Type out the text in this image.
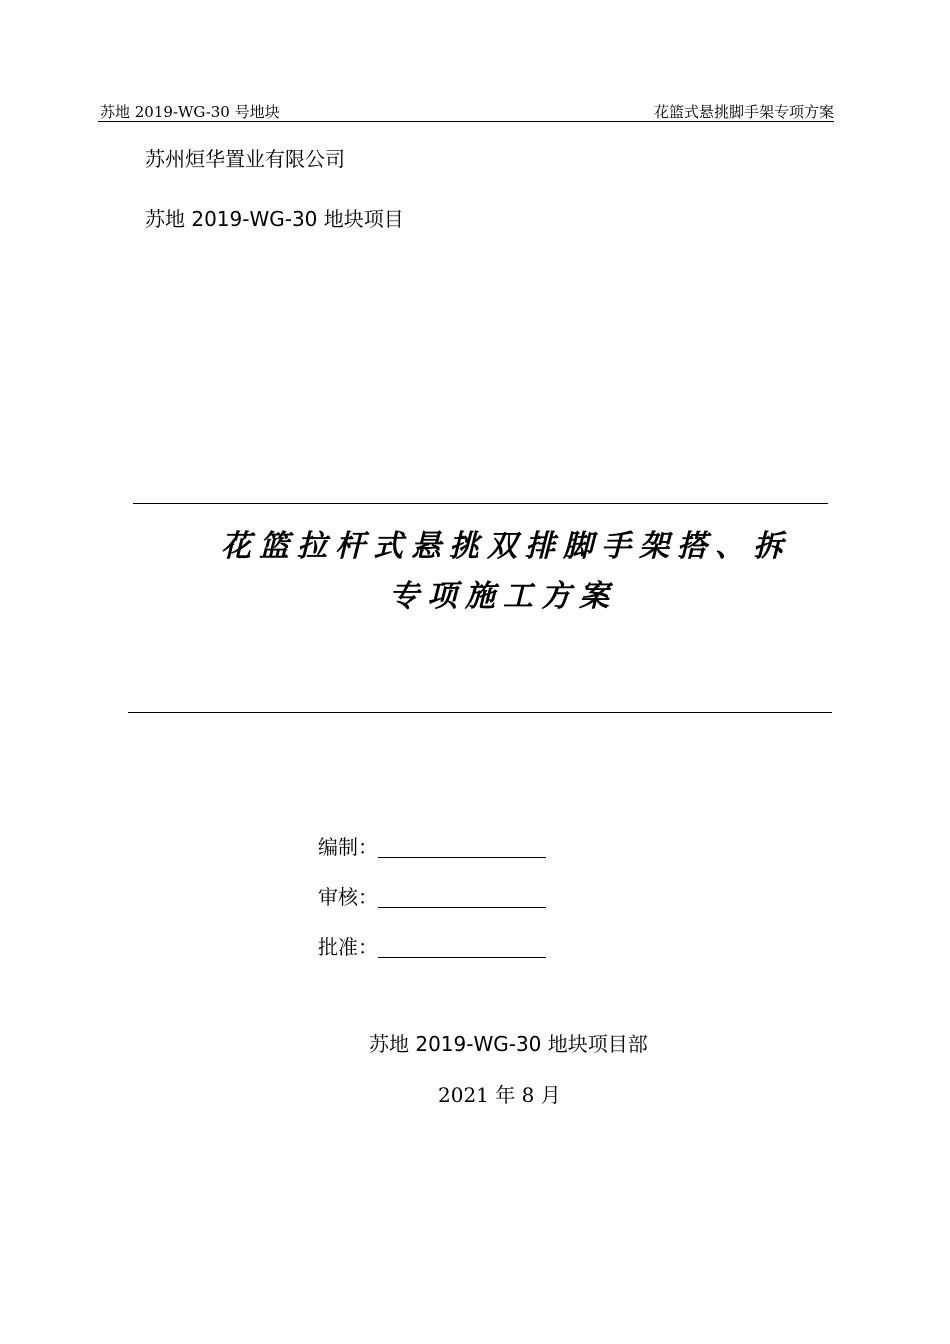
苏地 2019-WG-30 号地块	花篮式悬挑脚手架专项方案
苏州烜华置业有限公司
苏地 2019-WG-30 地块项目
花篮拉杆式悬挑双排脚手架搭、拆
专项施工方案
编制：
审核：
批准：
苏地 2019-WG-30 地块项目部
2021 年 8 月
